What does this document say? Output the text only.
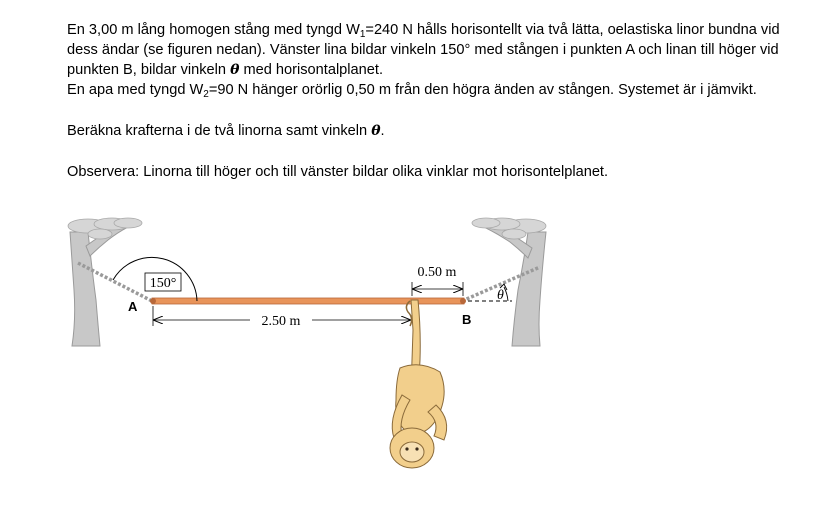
En 3,00 m lång homogen stång med tyngd $W_1=240$ N hålls horisontellt via två lätta, oelastiska linor bundna vid dess ändar (se figuren nedan). Vänster lina bildar vinkeln 150° med stången i punkten A och linan till höger vid punkten B, bildar vinkeln θ med horisontalplanet.

En apa med tyngd $W_2=90$ N hänger orörlig 0,50 m från den högra änden av stången. Systemet är i jämvikt.

Beräkna krafterna i de två linorna samt vinkeln θ.

Observera: Linorna till höger och till vänster bildar olika vinklar mot horisontelplanet.

150°
A
B
2.50 m
0.50 m
θ
